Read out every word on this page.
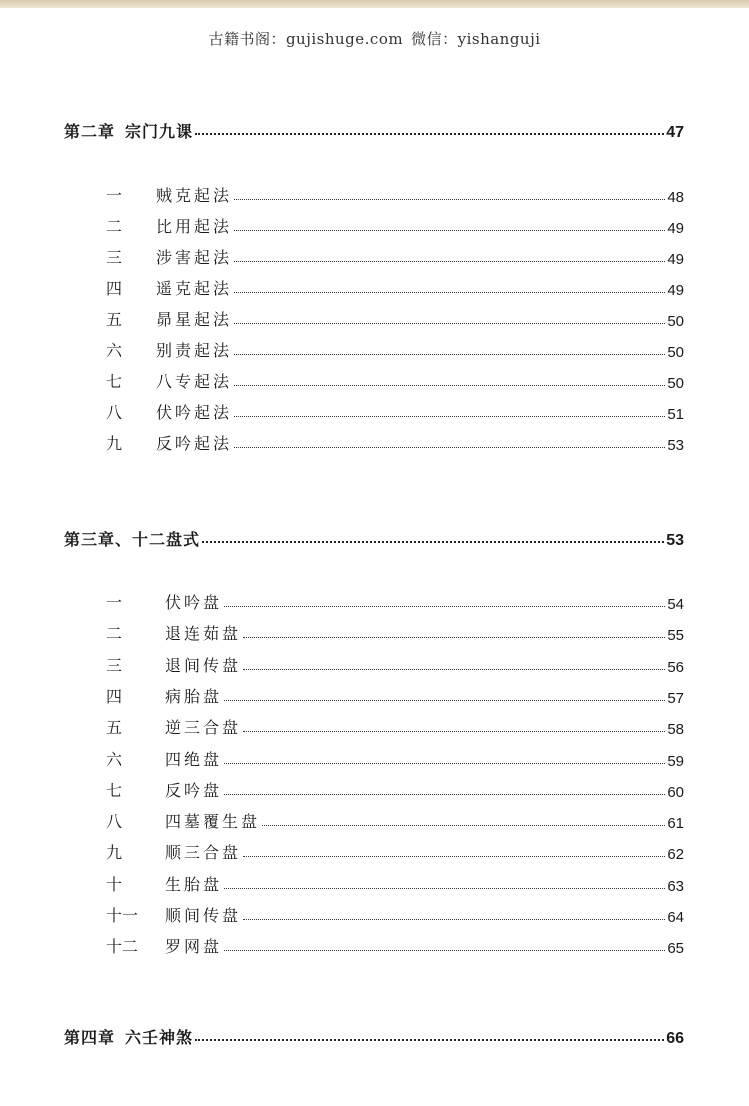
古籍书阁：gujishuge.com 微信：yishanguji
第二章 宗门九课	47
一 贼克起法	48
二 比用起法	49
三 涉害起法	49
四 遥克起法	49
五 昴星起法	50
六 别责起法	50
七 八专起法	50
八 伏吟起法	51
九 反吟起法	53
第三章、十二盘式	53
一	伏吟盘	54
二	退连茹盘	55
三	退间传盘	56
四	病胎盘	57
五	逆三合盘	58
六	四绝盘	59
七	反吟盘	60
八	四墓覆生盘	61
九	顺三合盘	62
十	生胎盘	63
十一 顺间传盘	64
十二 罗网盘	65
第四章 六壬神煞	66
